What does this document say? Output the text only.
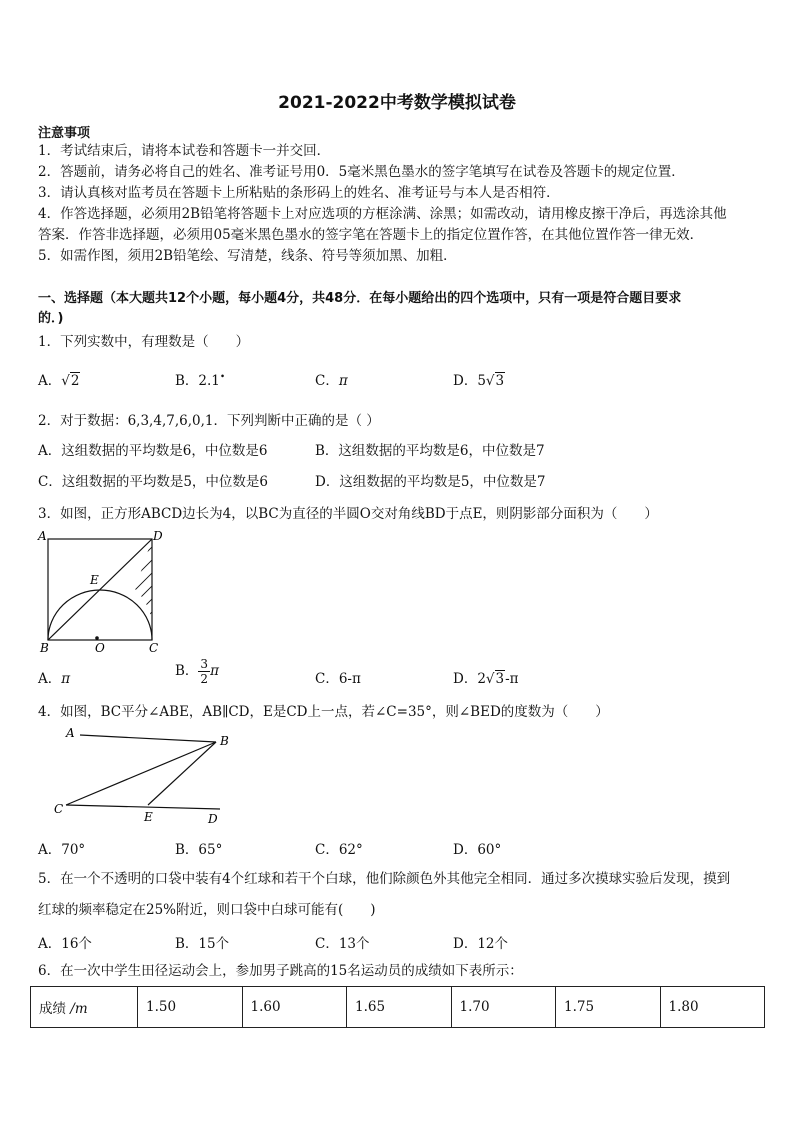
2021-2022中考数学模拟试卷
注意事项
1．考试结束后，请将本试卷和答题卡一并交回．
2．答题前，请务必将自己的姓名、准考证号用0．5毫米黑色墨水的签字笔填写在试卷及答题卡的规定位置．
3．请认真核对监考员在答题卡上所粘贴的条形码上的姓名、准考证号与本人是否相符．
4．作答选择题，必须用2B铅笔将答题卡上对应选项的方框涂满、涂黑；如需改动，请用橡皮擦干净后，再选涂其他
答案．作答非选择题，必须用05毫米黑色墨水的签字笔在答题卡上的指定位置作答，在其他位置作答一律无效．
5．如需作图，须用2B铅笔绘、写清楚，线条、符号等须加黑、加粗．
一、选择题（本大题共12个小题，每小题4分，共48分．在每小题给出的四个选项中，只有一项是符合题目要求
的．)
1．下列实数中，有理数是（　　）
A．√2	B．2.1•	C．π	D．5√3
2．对于数据：6,3,4,7,6,0,1．下列判断中正确的是（ ）
A．这组数据的平均数是6，中位数是6	B．这组数据的平均数是6，中位数是7
C．这组数据的平均数是5，中位数是6	D．这组数据的平均数是5，中位数是7
3．如图，正方形ABCD边长为4，以BC为直径的半圆O交对角线BD于点E，则阴影部分面积为（　　）
A	D
E
B	O	C
A．π	B． $\frac{3}{2}$ π	C．6-π	D．2√3-π
4．如图，BC平分∠ABE，AB∥CD，E是CD上一点，若∠C=35°，则∠BED的度数为（　　）
A
B
C
E	D
A．70°	B．65°	C．62°	D．60°
5．在一个不透明的口袋中装有4个红球和若干个白球，他们除颜色外其他完全相同．通过多次摸球实验后发现，摸到
红球的频率稳定在25%附近，则口袋中白球可能有(　　)
A．16个	B．15个	C．13个	D．12个
6．在一次中学生田径运动会上，参加男子跳高的15名运动员的成绩如下表所示：
成绩 /m	1.50	1.60	1.65	1.70	1.75	1.80
